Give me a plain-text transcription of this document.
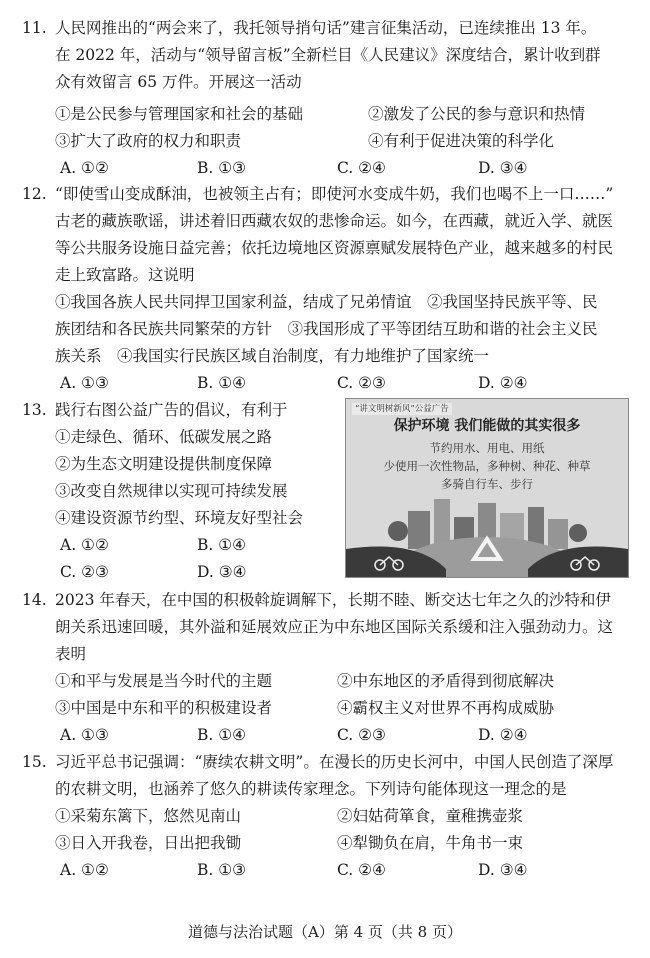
11. 人民网推出的“两会来了，我托领导捎句话”建言征集活动，已连续推出 13 年。
在 2022 年，活动与“领导留言板”全新栏目《人民建议》深度结合，累计收到群
众有效留言 65 万件。开展这一活动
①是公民参与管理国家和社会的基础	②激发了公民的参与意识和热情
③扩大了政府的权力和职责	④有利于促进决策的科学化
A. ①②	B. ①③	C. ②④	D. ③④
12. “即使雪山变成酥油，也被领主占有；即使河水变成牛奶，我们也喝不上一口……”
古老的藏族歌谣，讲述着旧西藏农奴的悲惨命运。如今，在西藏，就近入学、就医
等公共服务设施日益完善；依托边境地区资源禀赋发展特色产业，越来越多的村民
走上致富路。这说明
①我国各族人民共同捍卫国家利益，结成了兄弟情谊　②我国坚持民族平等、民
族团结和各民族共同繁荣的方针　③我国形成了平等团结互助和谐的社会主义民
族关系　④我国实行民族区域自治制度，有力地维护了国家统一
A. ①③	B. ①④	C. ②③	D. ②④
13. 践行右图公益广告的倡议，有利于
①走绿色、循环、低碳发展之路
②为生态文明建设提供制度保障
③改变自然规律以实现可持续发展
④建设资源节约型、环境友好型社会
A. ①②	B. ①④
C. ②③	D. ③④
“讲文明树新风”公益广告
保护环境 我们能做的其实很多
节约用水、用电、用纸
少使用一次性物品，多种树、种花、种草
多骑自行车、步行
14. 2023 年春天，在中国的积极斡旋调解下，长期不睦、断交达七年之久的沙特和伊
朗关系迅速回暖，其外溢和延展效应正为中东地区国际关系缓和注入强劲动力。这
表明
①和平与发展是当今时代的主题	②中东地区的矛盾得到彻底解决
③中国是中东和平的积极建设者	④霸权主义对世界不再构成威胁
A. ①③	B. ①④	C. ②③	D. ②④
15. 习近平总书记强调：“赓续农耕文明”。在漫长的历史长河中，中国人民创造了深厚
的农耕文明，也涵养了悠久的耕读传家理念。下列诗句能体现这一理念的是
①采菊东篱下，悠然见南山	②妇姑荷箪食，童稚携壶浆
③日入开我卷，日出把我锄	④犁锄负在肩，牛角书一束
A. ①②	B. ①③	C. ②④	D. ③④
道德与法治试题（A）第 4 页（共 8 页）
